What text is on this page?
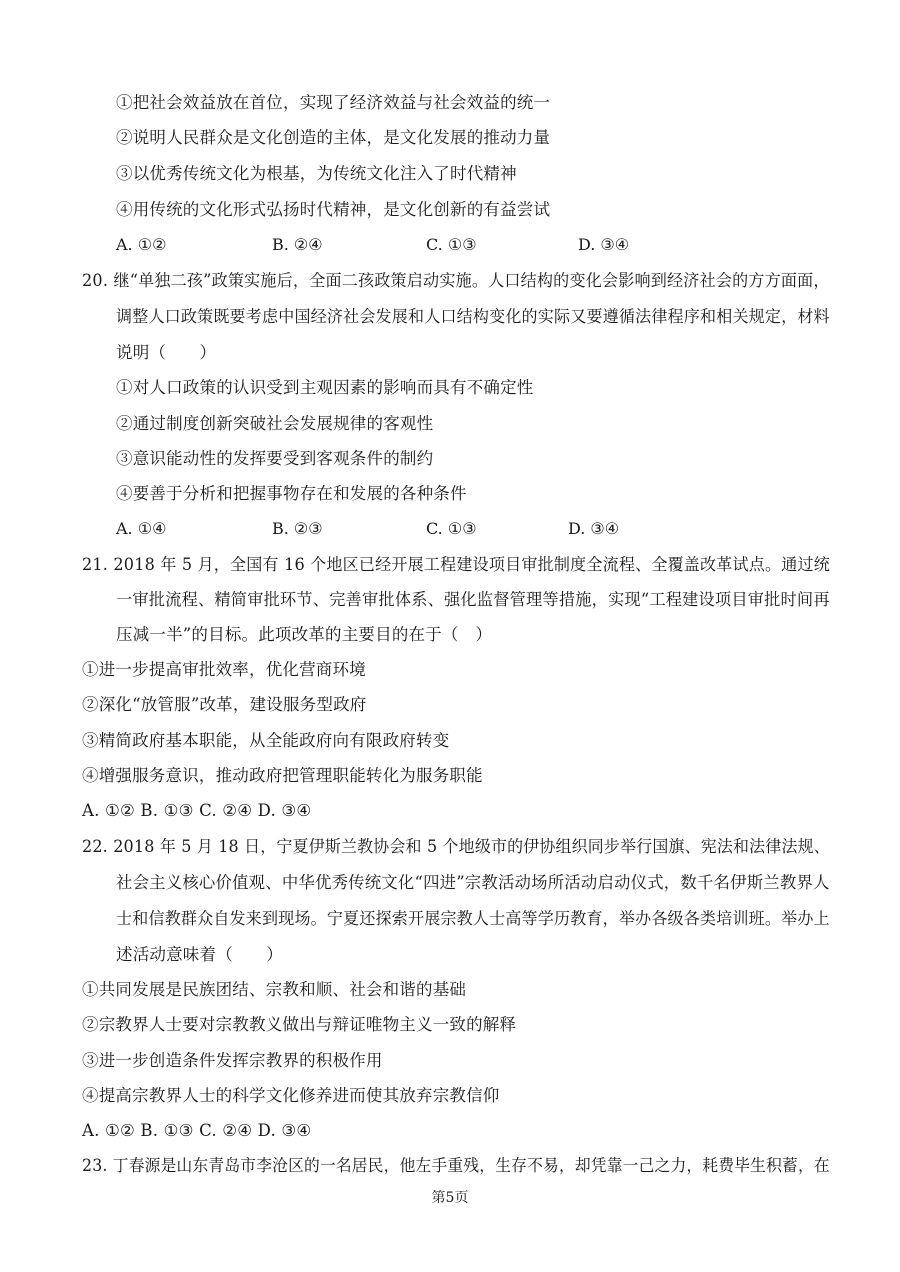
①把社会效益放在首位，实现了经济效益与社会效益的统一
②说明人民群众是文化创造的主体，是文化发展的推动力量
③以优秀传统文化为根基，为传统文化注入了时代精神
④用传统的文化形式弘扬时代精神，是文化创新的有益尝试
A. ①②	B. ②④	C. ①③	D. ③④
20. 继“单独二孩”政策实施后，全面二孩政策启动实施。人口结构的变化会影响到经济社会的方方面面，
调整人口政策既要考虑中国经济社会发展和人口结构变化的实际又要遵循法律程序和相关规定，材料
说明（　　）
①对人口政策的认识受到主观因素的影响而具有不确定性
②通过制度创新突破社会发展规律的客观性
③意识能动性的发挥要受到客观条件的制约
④要善于分析和把握事物存在和发展的各种条件
A. ①④	B. ②③	C. ①③	D. ③④
21. 2018 年 5 月，全国有 16 个地区已经开展工程建设项目审批制度全流程、全覆盖改革试点。通过统
一审批流程、精简审批环节、完善审批体系、强化监督管理等措施，实现“工程建设项目审批时间再
压减一半”的目标。此项改革的主要目的在于（　）
①进一步提高审批效率，优化营商环境
②深化“放管服”改革，建设服务型政府
③精简政府基本职能，从全能政府向有限政府转变
④增强服务意识，推动政府把管理职能转化为服务职能
A. ①② B. ①③ C. ②④ D. ③④
22. 2018 年 5 月 18 日，宁夏伊斯兰教协会和 5 个地级市的伊协组织同步举行国旗、宪法和法律法规、
社会主义核心价值观、中华优秀传统文化“四进”宗教活动场所活动启动仪式，数千名伊斯兰教界人
士和信教群众自发来到现场。宁夏还探索开展宗教人士高等学历教育，举办各级各类培训班。举办上
述活动意味着（　　）
①共同发展是民族团结、宗教和顺、社会和谐的基础
②宗教界人士要对宗教教义做出与辩证唯物主义一致的解释
③进一步创造条件发挥宗教界的积极作用
④提高宗教界人士的科学文化修养进而使其放弃宗教信仰
A. ①② B. ①③ C. ②④ D. ③④
23. 丁春源是山东青岛市李沧区的一名居民，他左手重残，生存不易，却凭靠一己之力，耗费毕生积蓄，在
第5页
